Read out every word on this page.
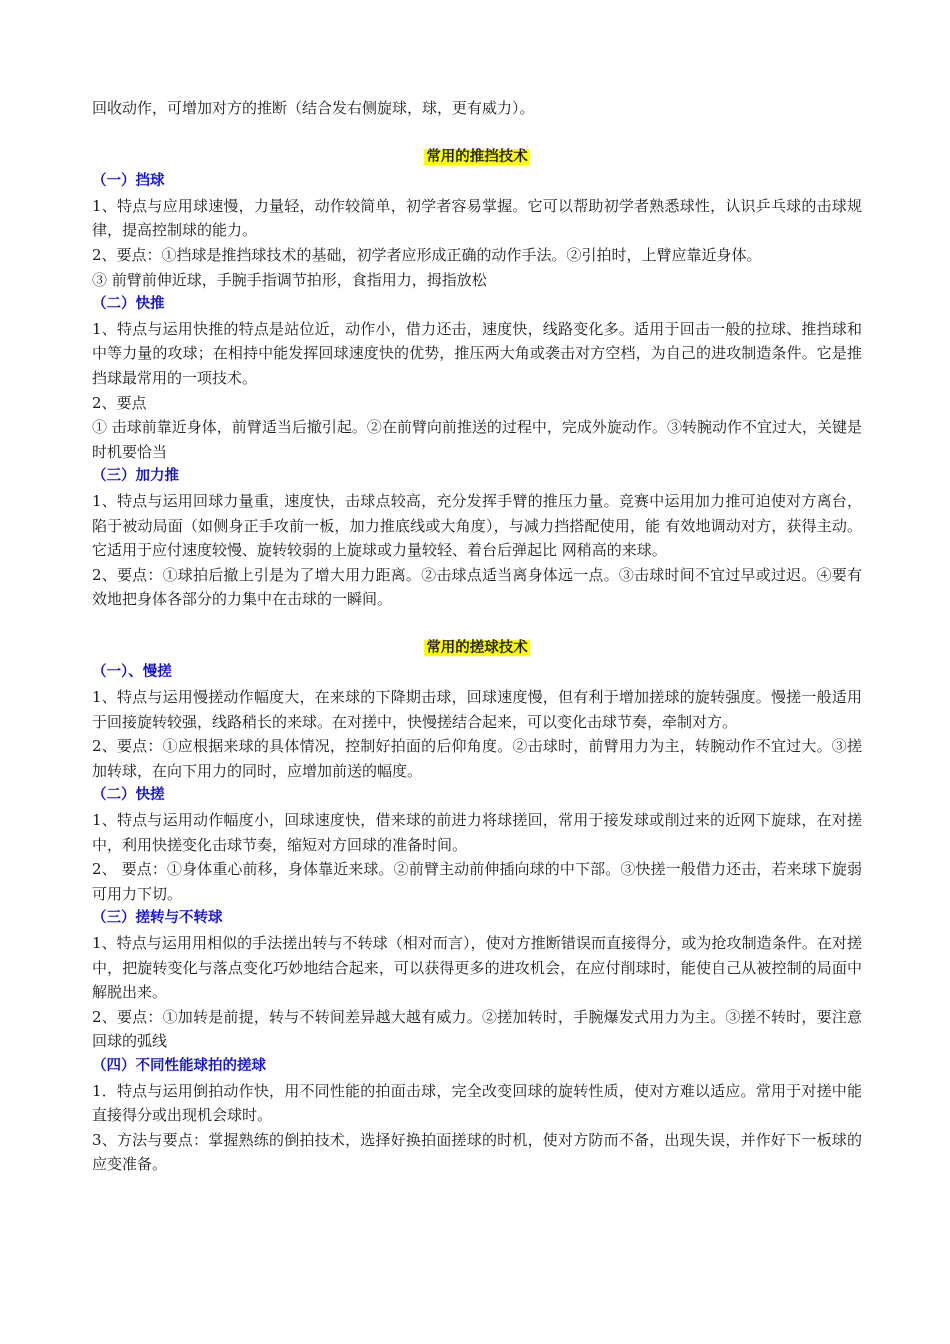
回收动作，可增加对方的推断（结合发右侧旋球，球，更有威力）。

常用的推挡技术

（一）挡球

1、特点与应用球速慢，力量轻，动作较简单，初学者容易掌握。它可以帮助初学者熟悉球性，认识乒乓球的击球规律，提高控制球的能力。

2、要点：①挡球是推挡球技术的基础，初学者应形成正确的动作手法。②引拍时，上臂应靠近身体。

③ 前臂前伸近球，手腕手指调节拍形，食指用力，拇指放松

（二）快推

1、特点与运用快推的特点是站位近，动作小，借力还击，速度快，线路变化多。适用于回击一般的拉球、推挡球和中等力量的攻球；在相持中能发挥回球速度快的优势，推压两大角或袭击对方空档，为自己的进攻制造条件。它是推挡球最常用的一项技术。

2、要点

① 击球前靠近身体，前臂适当后撤引起。②在前臂向前推送的过程中，完成外旋动作。③转腕动作不宜过大，关键是时机要恰当

（三）加力推

1、特点与运用回球力量重，速度快，击球点较高，充分发挥手臂的推压力量。竞赛中运用加力推可迫使对方离台，陷于被动局面（如侧身正手攻前一板，加力推底线或大角度），与减力挡搭配使用，能 有效地调动对方，获得主动。它适用于应付速度较慢、旋转较弱的上旋球或力量较轻、着台后弹起比 网稍高的来球。

2、要点：①球拍后撤上引是为了增大用力距离。②击球点适当离身体远一点。③击球时间不宜过早或过迟。④要有效地把身体各部分的力集中在击球的一瞬间。

常用的搓球技术

（一）、慢搓

1、特点与运用慢搓动作幅度大，在来球的下降期击球，回球速度慢，但有利于增加搓球的旋转强度。慢搓一般适用于回接旋转较强，线路稍长的来球。在对搓中，快慢搓结合起来，可以变化击球节奏，牵制对方。

2、要点：①应根据来球的具体情况，控制好拍面的后仰角度。②击球时，前臂用力为主，转腕动作不宜过大。③搓加转球，在向下用力的同时，应增加前送的幅度。

（二）快搓

1、特点与运用动作幅度小，回球速度快，借来球的前进力将球搓回，常用于接发球或削过来的近网下旋球，在对搓中，利用快搓变化击球节奏，缩短对方回球的准备时间。

2、 要点：①身体重心前移，身体靠近来球。②前臂主动前伸插向球的中下部。③快搓一般借力还击，若来球下旋弱可用力下切。

（三）搓转与不转球

1、特点与运用用相似的手法搓出转与不转球（相对而言），使对方推断错误而直接得分，或为抢攻制造条件。在对搓中，把旋转变化与落点变化巧妙地结合起来，可以获得更多的进攻机会，在应付削球时，能使自己从被控制的局面中解脱出来。

2、要点：①加转是前提，转与不转间差异越大越有威力。②搓加转时，手腕爆发式用力为主。③搓不转时，要注意回球的弧线

（四）不同性能球拍的搓球

1．特点与运用倒拍动作快，用不同性能的拍面击球，完全改变回球的旋转性质，使对方难以适应。常用于对搓中能直接得分或出现机会球时。

3、方法与要点：掌握熟练的倒拍技术，选择好换拍面搓球的时机，使对方防而不备，出现失误，并作好下一板球的应变准备。
